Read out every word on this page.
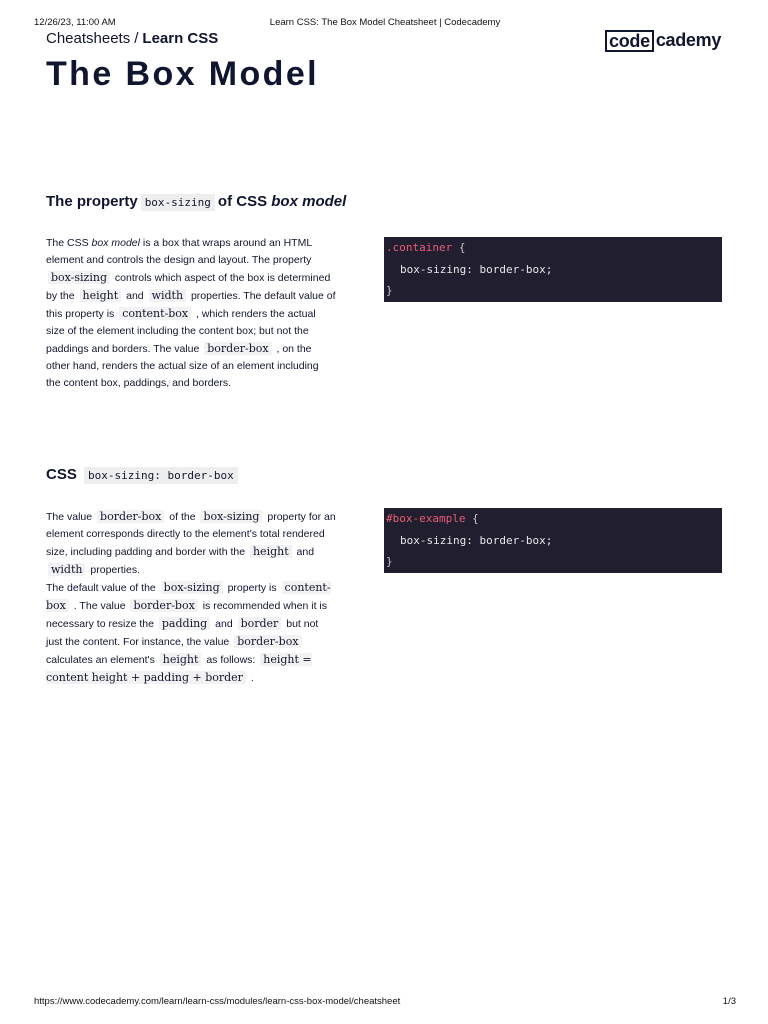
12/26/23, 11:00 AM	Learn CSS: The Box Model Cheatsheet | Codecademy
Cheatsheets / Learn CSS	code cademy
The Box Model
The property box-sizing of CSS box model

The CSS box model is a box that wraps around an HTML element and controls the design and layout. The property box-sizing controls which aspect of the box is determined by the height and width properties. The default value of this property is content-box , which renders the actual size of the element including the content box; but not the paddings and borders. The value border-box , on the other hand, renders the actual size of an element including the content box, paddings, and borders.

.container {
box-sizing: border-box;
}
CSS box-sizing: border-box

The value border-box of the box-sizing property for an element corresponds directly to the element's total rendered size, including padding and border with the height and width properties.
The default value of the box-sizing property is content-box . The value border-box is recommended when it is necessary to resize the padding and border but not just the content. For instance, the value border-box calculates an element's height as follows: height = content height + padding + border .

#box-example {
box-sizing: border-box;
}
https://www.codecademy.com/learn/learn-css/modules/learn-css-box-model/cheatsheet	1/3
